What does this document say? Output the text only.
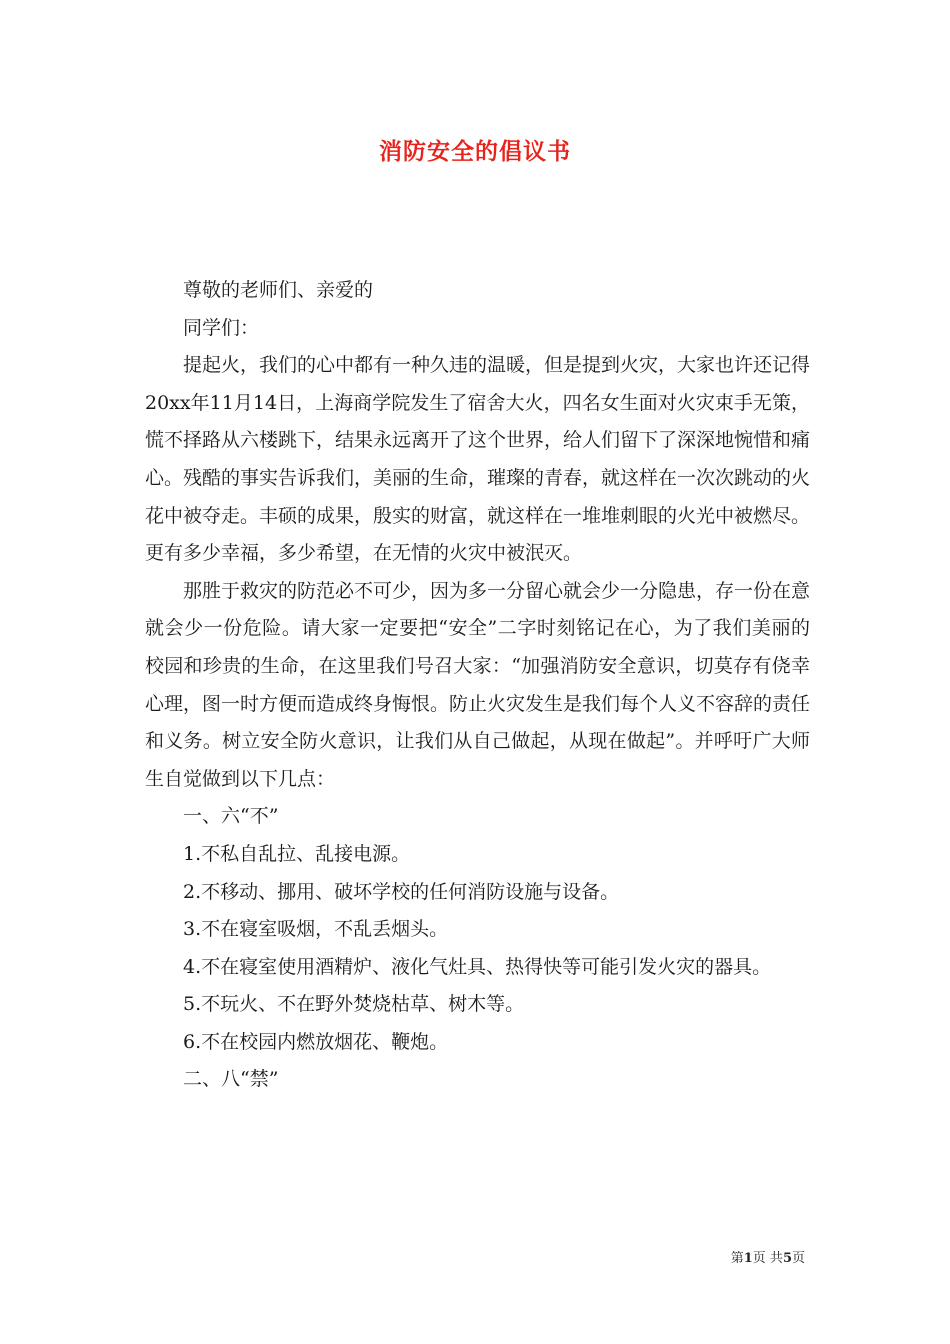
消防安全的倡议书

尊敬的老师们、亲爱的

同学们：

提起火，我们的心中都有一种久违的温暖，但是提到火灾，大家也许还记得20xx年11月14日，上海商学院发生了宿舍大火，四名女生面对火灾束手无策，慌不择路从六楼跳下，结果永远离开了这个世界，给人们留下了深深地惋惜和痛心。残酷的事实告诉我们，美丽的生命，璀璨的青春，就这样在一次次跳动的火花中被夺走。丰硕的成果，殷实的财富，就这样在一堆堆刺眼的火光中被燃尽。更有多少幸福，多少希望，在无情的火灾中被泯灭。

那胜于救灾的防范必不可少，因为多一分留心就会少一分隐患，存一份在意就会少一份危险。请大家一定要把“安全”二字时刻铭记在心，为了我们美丽的校园和珍贵的生命，在这里我们号召大家：“加强消防安全意识，切莫存有侥幸心理，图一时方便而造成终身悔恨。防止火灾发生是我们每个人义不容辞的责任和义务。树立安全防火意识，让我们从自己做起，从现在做起”。并呼吁广大师生自觉做到以下几点：

一、六“不”

1.不私自乱拉、乱接电源。

2.不移动、挪用、破坏学校的任何消防设施与设备。

3.不在寝室吸烟，不乱丢烟头。

4.不在寝室使用酒精炉、液化气灶具、热得快等可能引发火灾的器具。

5.不玩火、不在野外焚烧枯草、树木等。

6.不在校园内燃放烟花、鞭炮。

二、八“禁”

第1页 共5页
